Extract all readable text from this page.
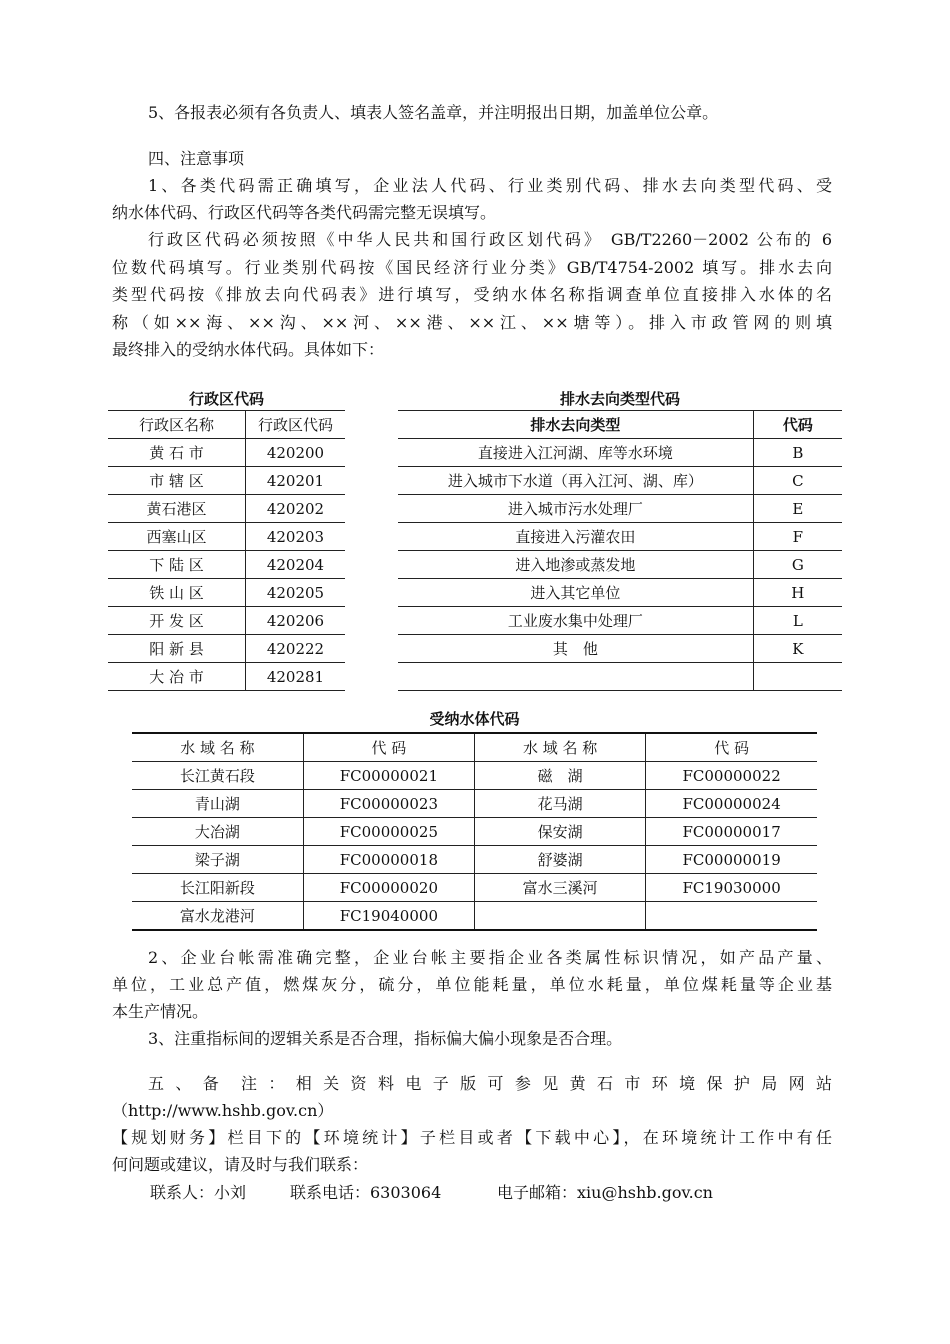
5、各报表必须有各负责人、填表人签名盖章，并注明报出日期，加盖单位公章。
四、注意事项
1、各类代码需正确填写，企业法人代码、行业类别代码、排水去向类型代码、受
纳水体代码、行政区代码等各类代码需完整无误填写。
行政区代码必须按照《中华人民共和国行政区划代码》 GB/T2260－2002 公布的 6
位数代码填写。行业类别代码按《国民经济行业分类》GB/T4754-2002 填写。排水去向
类型代码按《排放去向代码表》进行填写，受纳水体名称指调查单位直接排入水体的名
称（如××海、××沟、××河、××港、××江、××塘等）。排入市政管网的则填
最终排入的受纳水体代码。具体如下：
行政区代码
行政区名称	行政区代码
黄 石 市	420200
市 辖 区	420201
黄石港区	420202
西塞山区	420203
下 陆 区	420204
铁 山 区	420205
开 发 区	420206
阳 新 县	420222
大 冶 市	420281
排水去向类型代码
排水去向类型	代码
直接进入江河湖、库等水环境	B
进入城市下水道（再入江河、湖、库）	C
进入城市污水处理厂	E
直接进入污灌农田	F
进入地渗或蒸发地	G
进入其它单位	H
工业废水集中处理厂	L
其　他	K

受纳水体代码
水 域 名 称	代 码	水 域 名 称	代 码
长江黄石段	FC00000021	磁　湖	FC00000022
青山湖	FC00000023	花马湖	FC00000024
大冶湖	FC00000025	保安湖	FC00000017
梁子湖	FC00000018	舒婆湖	FC00000019
长江阳新段	FC00000020	富水三溪河	FC19030000
富水龙港河	FC19040000		
2、企业台帐需准确完整，企业台帐主要指企业各类属性标识情况，如产品产量、
单位，工业总产值，燃煤灰分，硫分，单位能耗量，单位水耗量，单位煤耗量等企业基
本生产情况。
3、注重指标间的逻辑关系是否合理，指标偏大偏小现象是否合理。
五 、 备　注 ： 相 关 资 料 电 子 版 可 参 见 黄 石 市 环 境 保 护 局 网 站
（http://www.hshb.gov.cn）
【规划财务】栏目下的【环境统计】子栏目或者【下载中心】，在环境统计工作中有任
何问题或建议，请及时与我们联系：
联系人：小刘	联系电话：6303064	电子邮箱：xiu@hshb.gov.cn
